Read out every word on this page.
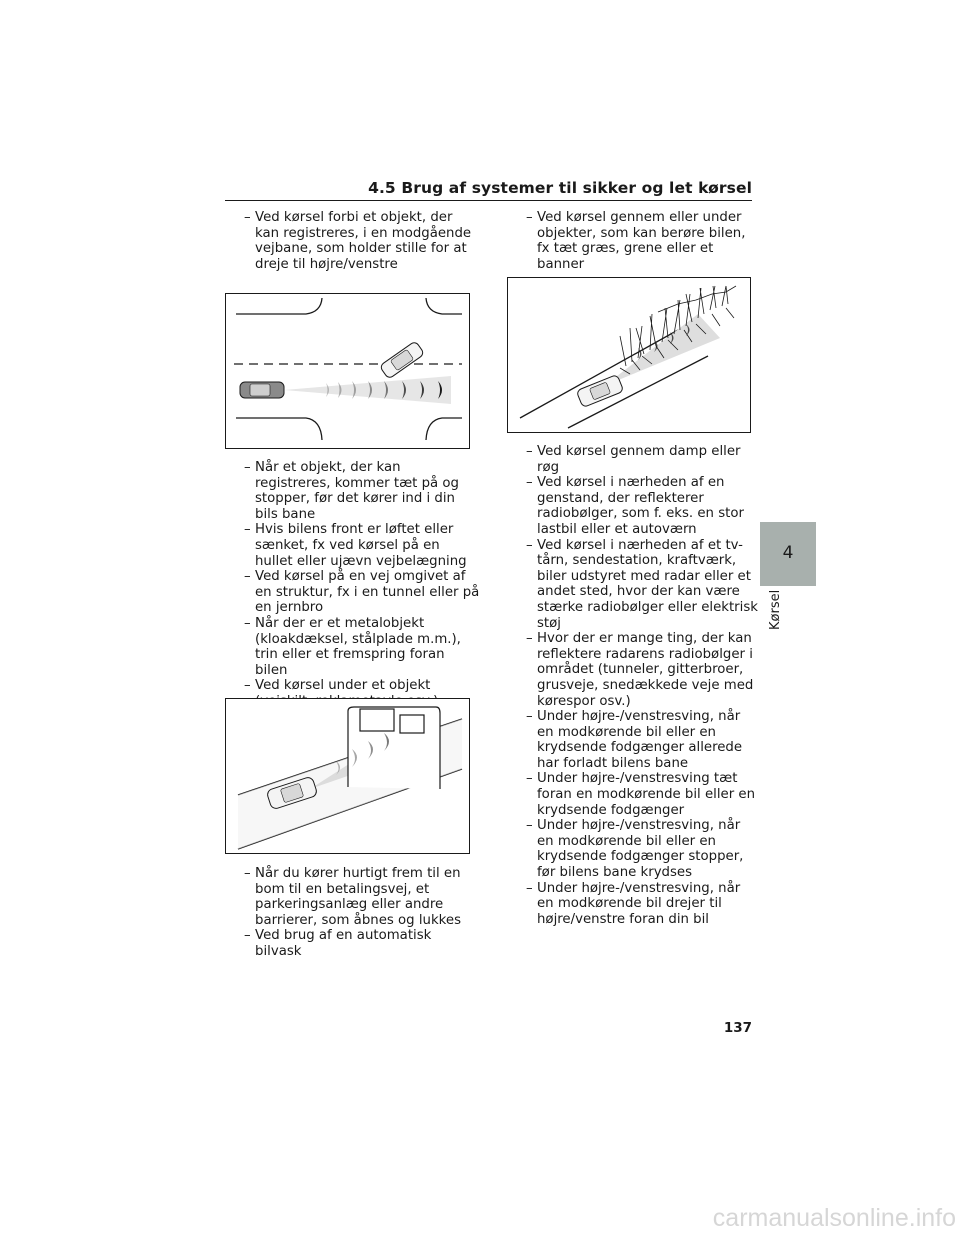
4.5 Brug af systemer til sikker og let kørsel

– Ved kørsel forbi et objekt, der kan registreres, i en modgående vejbane, som holder stille for at dreje til højre/venstre

– Når et objekt, der kan registreres, kommer tæt på og stopper, før det kører ind i din bils bane

– Hvis bilens front er løftet eller sænket, fx ved kørsel på en hullet eller ujævn vejbelægning

– Ved kørsel på en vej omgivet af en struktur, fx i en tunnel eller på en jernbro

– Når der er et metalobjekt (kloakdæksel, stålplade m.m.), trin eller et fremspring foran bilen

– Ved kørsel under et objekt

– Når du kører hurtigt frem til en bom til en betalingsvej, et parkeringsanlæg eller andre barrierer, som åbnes og lukkes

– Ved brug af en automatisk bilvask

– Ved kørsel gennem eller under objekter, som kan berøre bilen, fx tæt græs, grene eller et banner

– Ved kørsel gennem damp eller røg

– Ved kørsel i nærheden af en genstand, der reflekterer radiobølger, som f. eks. en stor lastbil eller et autoværn

– Ved kørsel i nærheden af et tv-tårn, sendestation, kraftværk, biler udstyret med radar eller et andet sted, hvor der kan være stærke radiobølger eller elektrisk støj

– Hvor der er mange ting, der kan reflektere radarens radiobølger i området (tunneler, gitterbroer, grusveje, snedækkede veje med kørespor osv.)

– Under højre-/venstresving, når en modkørende bil eller en krydsende fodgænger allerede har forladt bilens bane

– Under højre-/venstresving tæt foran en modkørende bil eller en krydsende fodgænger

– Under højre-/venstresving, når en modkørende bil eller en krydsende fodgænger stopper, før bilens bane krydses

– Under højre-/venstresving, når en modkørende bil drejer til højre/venstre foran din bil

4
Kørsel
137
carmanualsonline.info
